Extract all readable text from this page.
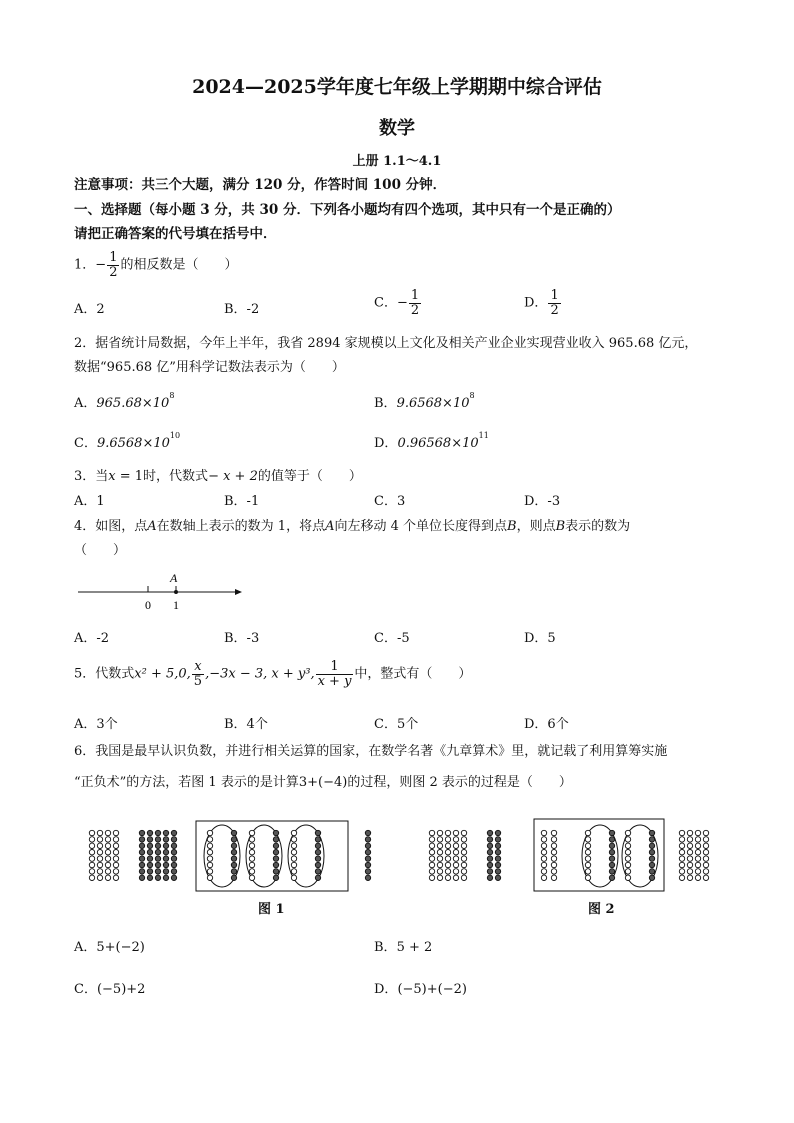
2024—2025学年度七年级上学期期中综合评估
数学
上册 1.1～4.1
注意事项：共三个大题，满分 120 分，作答时间 100 分钟．
一、选择题（每小题 3 分，共 30 分．下列各小题均有四个选项，其中只有一个是正确的）
请把正确答案的代号填在括号中．
1．− $\frac{1}{2}$ 的相反数是（　　）
A．2	B．-2	C．− $\frac{1}{2}$	D． $\frac{1}{2}$
2．据省统计局数据，今年上半年，我省 2894 家规模以上文化及相关产业企业实现营业收入 965.68 亿元，
数据“965.68 亿”用科学记数法表示为（　　）
A．$965.68\times 10^8$
B．$9.6568\times 10^8$
C．$9.6568\times 10^{10}$
D．$0.96568\times 10^{11}$
3．当x = 1时，代数式− x + 2的值等于（　　）
A．1	B．-1	C．3	D．-3
4．如图，点A在数轴上表示的数为 1，将点A向左移动 4 个单位长度得到点B，则点B表示的数为
（　　）
A
0 1
A．-2	B．-3	C．-5	D．5
5．代数式x² + 5,0, $\frac{x}{5} ,-3x - 3$, x + y³, $\frac{1}{x + y}$ 中，整式有（　　）
A．3个	B．4个	C．5个	D．6个
6．我国是最早认识负数，并进行相关运算的国家，在数学名著《九章算术》里，就记载了利用算筹实施
“正负术”的方法，若图 1 表示的是计算3+(−4)的过程，则图 2 表示的过程是（　　）
图 1	图 2
A．5+(−2)	B．5 + 2
C．(−5)+2	D．(−5)+(−2)
